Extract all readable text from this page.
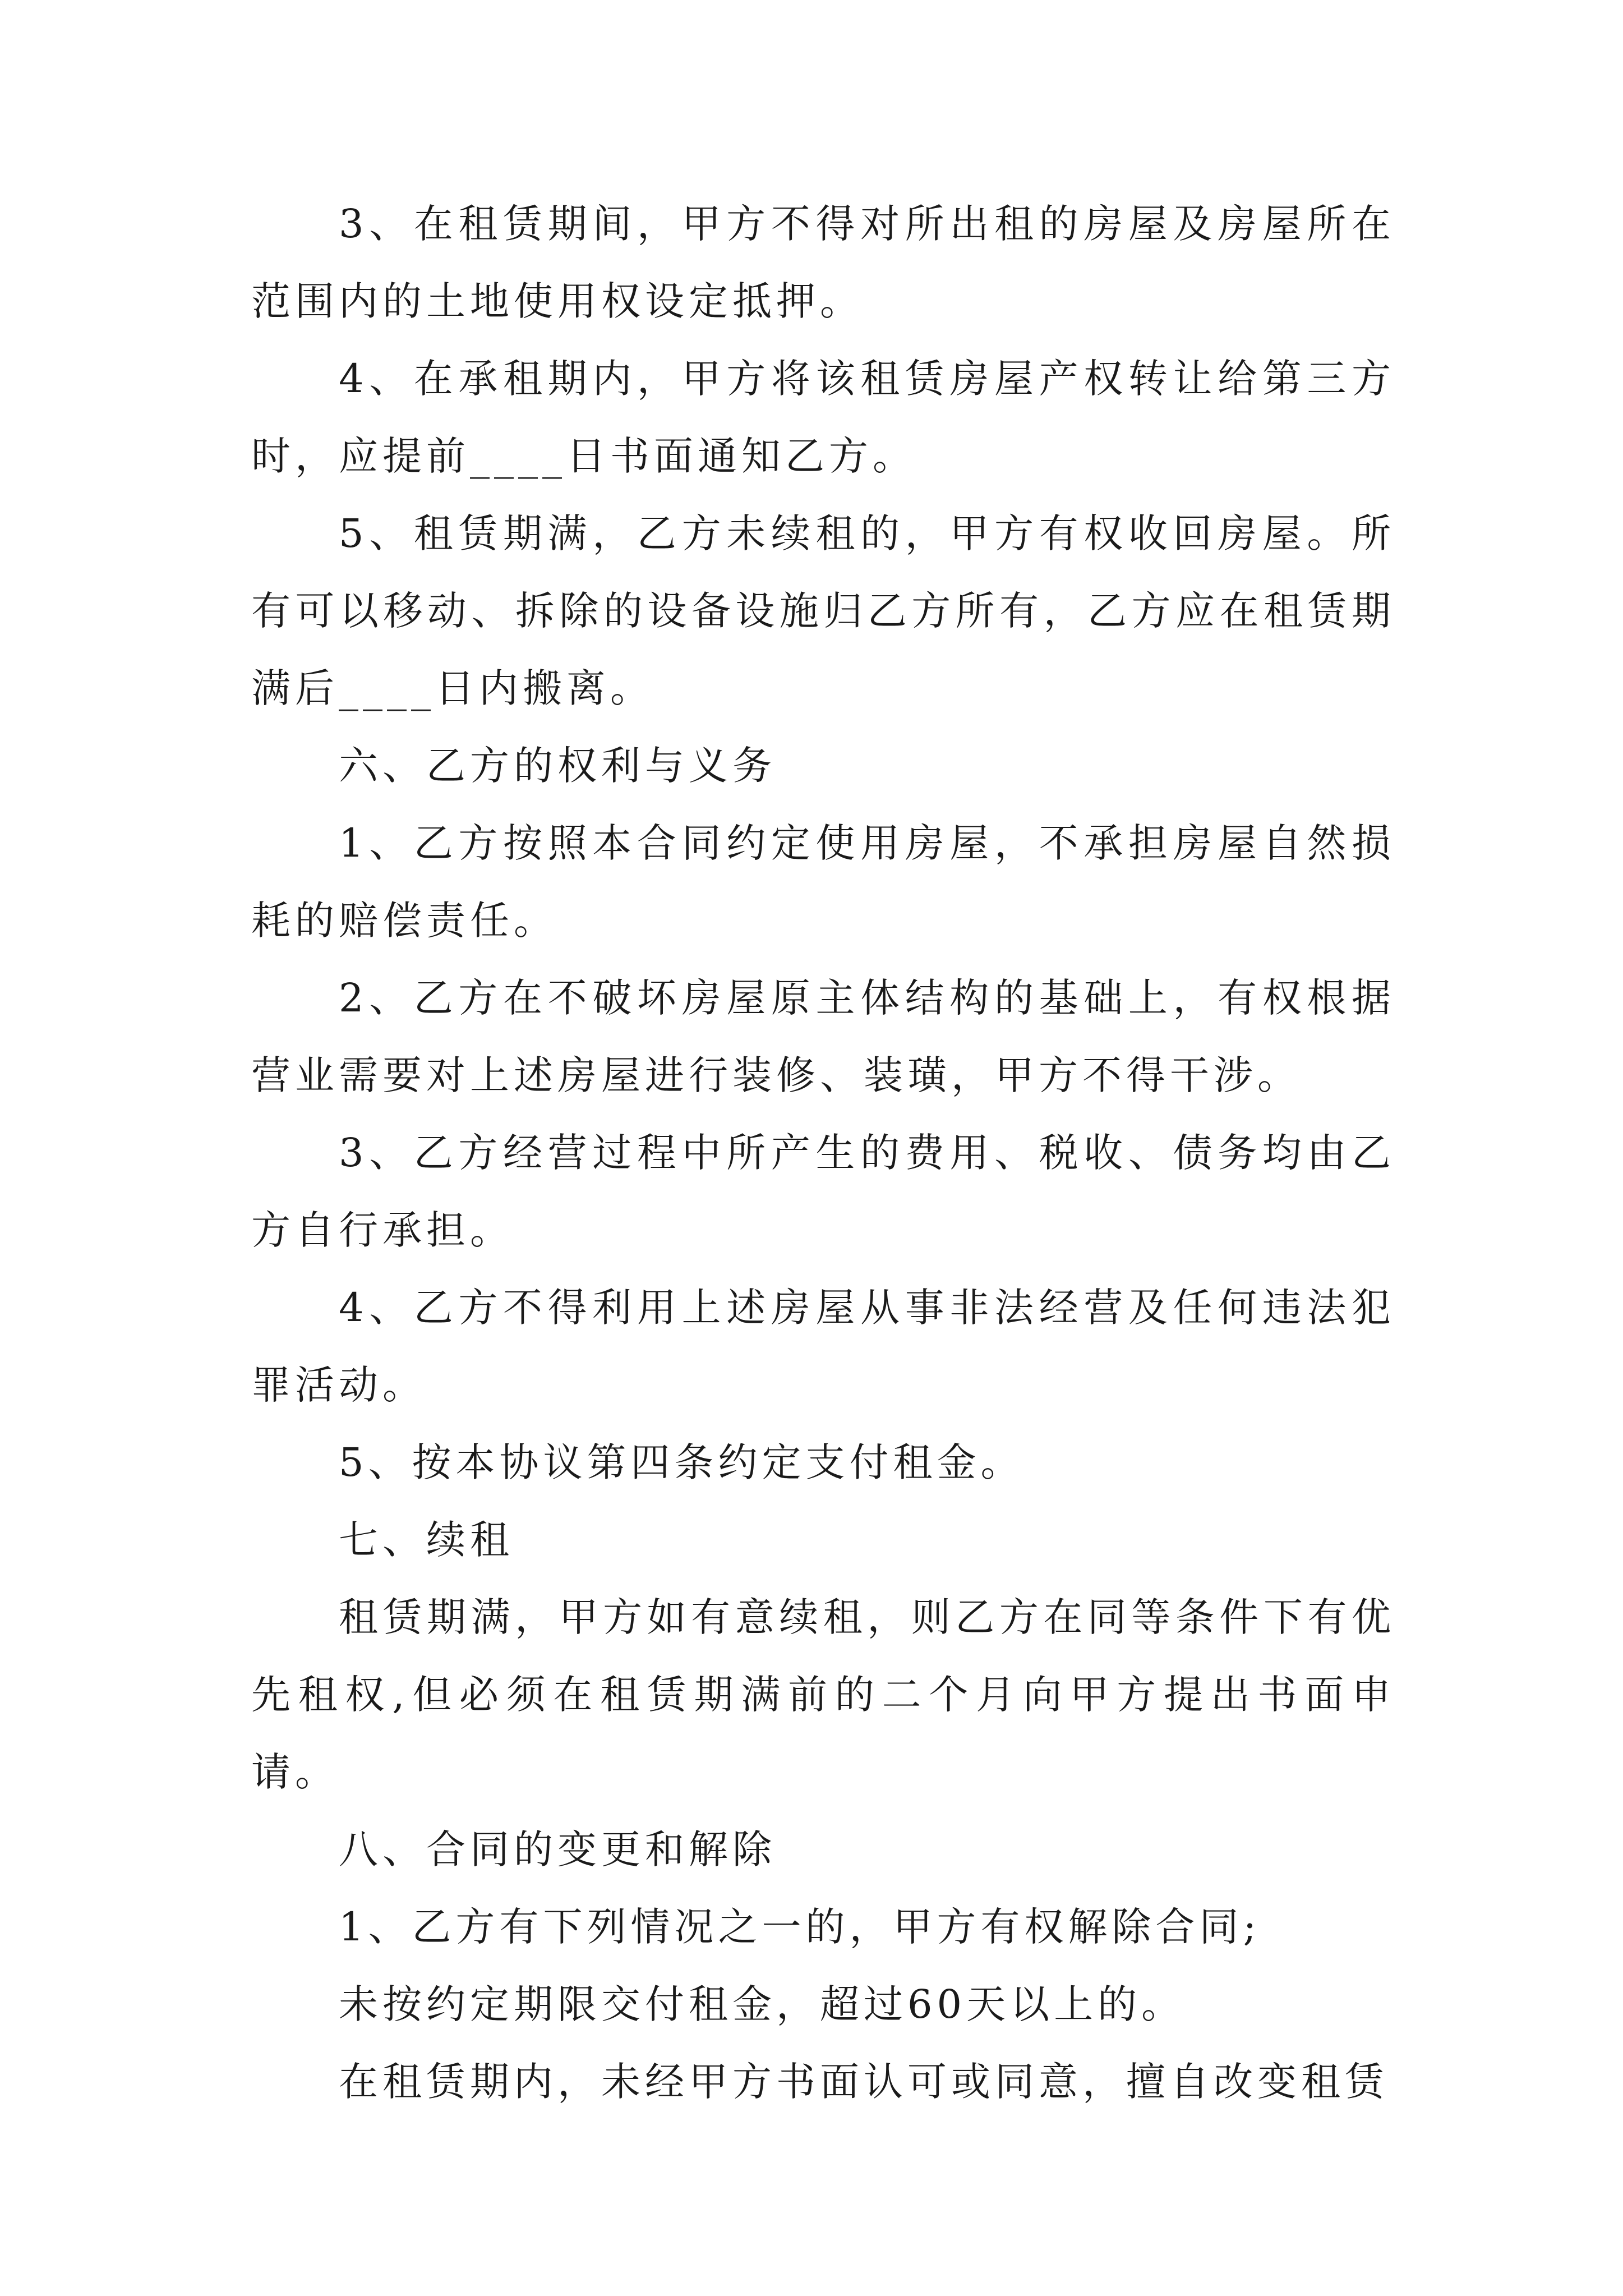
3、在租赁期间，甲方不得对所出租的房屋及房屋所在范围内的土地使用权设定抵押。

4、在承租期内，甲方将该租赁房屋产权转让给第三方时，应提前____日书面通知乙方。

5、租赁期满，乙方未续租的，甲方有权收回房屋。所有可以移动、拆除的设备设施归乙方所有，乙方应在租赁期满后____日内搬离。

六、乙方的权利与义务

1、乙方按照本合同约定使用房屋，不承担房屋自然损耗的赔偿责任。

2、乙方在不破坏房屋原主体结构的基础上，有权根据营业需要对上述房屋进行装修、装璜，甲方不得干涉。

3、乙方经营过程中所产生的费用、税收、债务均由乙方自行承担。

4、乙方不得利用上述房屋从事非法经营及任何违法犯罪活动。

5、按本协议第四条约定支付租金。

七、续租

租赁期满，甲方如有意续租，则乙方在同等条件下有优先租权,但必须在租赁期满前的二个月向甲方提出书面申请。

八、合同的变更和解除

1、乙方有下列情况之一的，甲方有权解除合同;

未按约定期限交付租金，超过60天以上的。

在租赁期内，未经甲方书面认可或同意，擅自改变租赁
